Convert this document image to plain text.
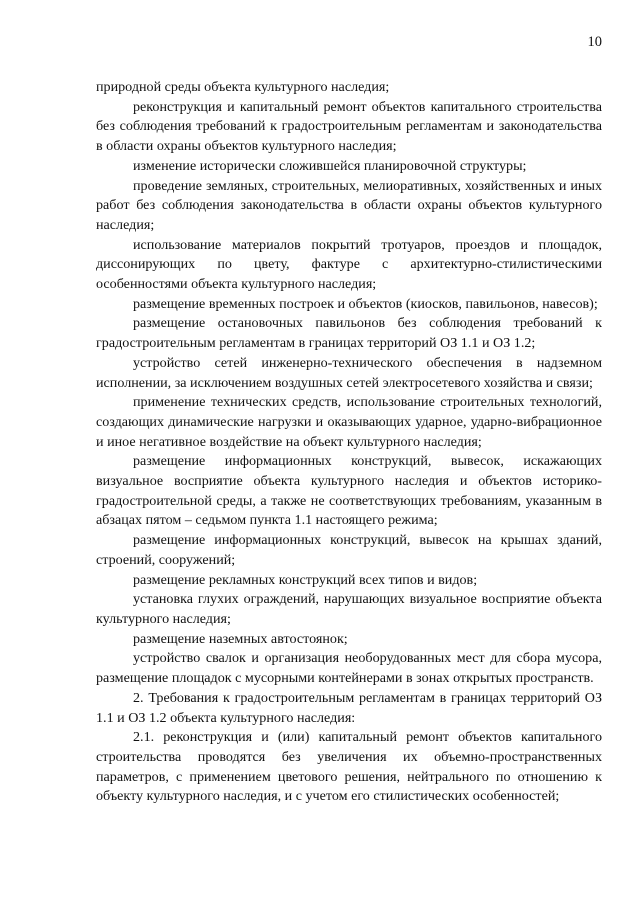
10

природной среды объекта культурного наследия;

реконструкция и капитальный ремонт объектов капитального строительства без соблюдения требований к градостроительным регламентам и законодательства в области охраны объектов культурного наследия;

изменение исторически сложившейся планировочной структуры;

проведение земляных, строительных, мелиоративных, хозяйственных и иных работ без соблюдения законодательства в области охраны объектов культурного наследия;

использование материалов покрытий тротуаров, проездов и площадок, диссонирующих по цвету, фактуре с архитектурно-стилистическими особенностями объекта культурного наследия;

размещение временных построек и объектов (киосков, павильонов, навесов);

размещение остановочных павильонов без соблюдения требований к градостроительным регламентам в границах территорий ОЗ 1.1 и ОЗ 1.2;

устройство сетей инженерно-технического обеспечения в надземном исполнении, за исключением воздушных сетей электросетевого хозяйства и связи;

применение технических средств, использование строительных технологий, создающих динамические нагрузки и оказывающих ударное, ударно-вибрационное и иное негативное воздействие на объект культурного наследия;

размещение информационных конструкций, вывесок, искажающих визуальное восприятие объекта культурного наследия и объектов историко-градостроительной среды, а также не соответствующих требованиям, указанным в абзацах пятом – седьмом пункта 1.1 настоящего режима;

размещение информационных конструкций, вывесок на крышах зданий, строений, сооружений;

размещение рекламных конструкций всех типов и видов;

установка глухих ограждений, нарушающих визуальное восприятие объекта культурного наследия;

размещение наземных автостоянок;

устройство свалок и организация необорудованных мест для сбора мусора, размещение площадок с мусорными контейнерами в зонах открытых пространств.

2. Требования к градостроительным регламентам в границах территорий ОЗ 1.1 и ОЗ 1.2 объекта культурного наследия:

2.1. реконструкция и (или) капитальный ремонт объектов капитального строительства проводятся без увеличения их объемно-пространственных параметров, с применением цветового решения, нейтрального по отношению к объекту культурного наследия, и с учетом его стилистических особенностей;
